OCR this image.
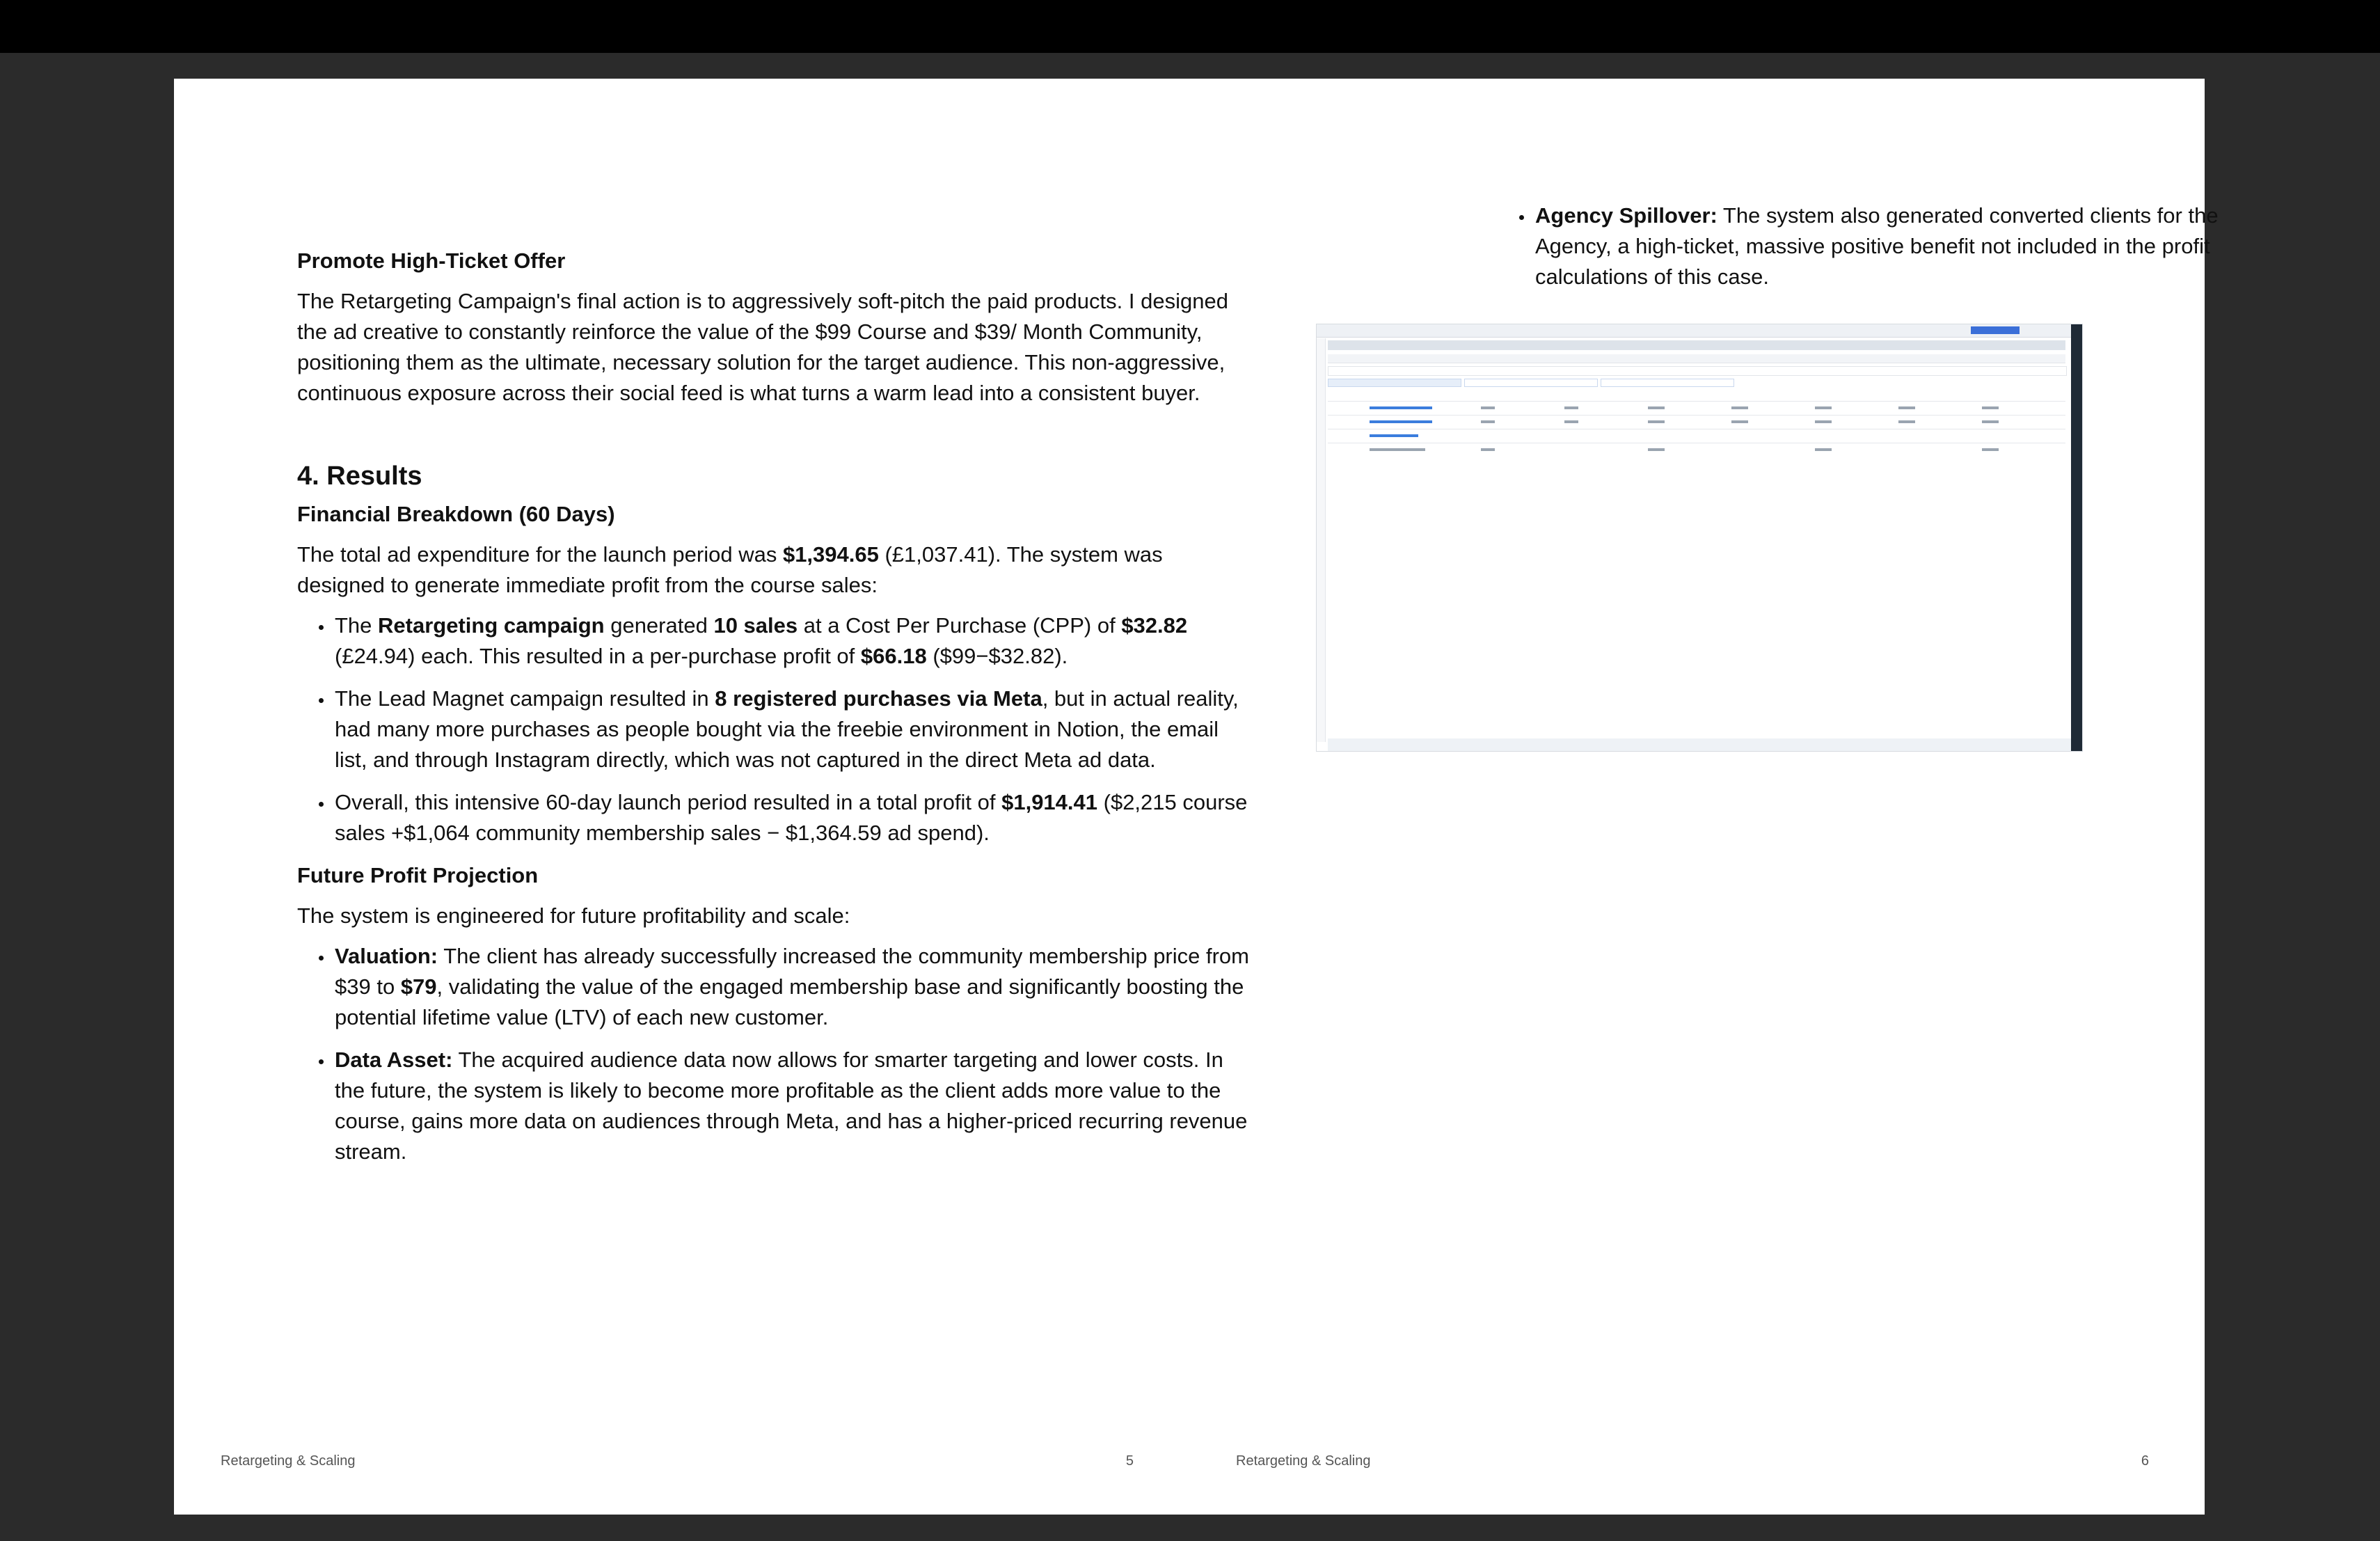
Promote High-Ticket Offer

The Retargeting Campaign's final action is to aggressively soft-pitch the paid products. I designed the ad creative to constantly reinforce the value of the $99 Course and $39/ Month Community, positioning them as the ultimate, necessary solution for the target audience. This non-aggressive, continuous exposure across their social feed is what turns a warm lead into a consistent buyer.

4. Results
Financial Breakdown (60 Days)

The total ad expenditure for the launch period was $1,394.65 (£1,037.41). The system was designed to generate immediate profit from the course sales:

• The Retargeting campaign generated 10 sales at a Cost Per Purchase (CPP) of $32.82 (£24.94) each. This resulted in a per-purchase profit of $66.18 ($99−$32.82).
• The Lead Magnet campaign resulted in 8 registered purchases via Meta, but in actual reality, had many more purchases as people bought via the freebie environment in Notion, the email list, and through Instagram directly, which was not captured in the direct Meta ad data.
• Overall, this intensive 60-day launch period resulted in a total profit of $1,914.41 ($2,215 course sales +$1,064 community membership sales − $1,364.59 ad spend).
Future Profit Projection

The system is engineered for future profitability and scale:

• Valuation: The client has already successfully increased the community membership price from $39 to $79, validating the value of the engaged membership base and significantly boosting the potential lifetime value (LTV) of each new customer.
• Data Asset: The acquired audience data now allows for smarter targeting and lower costs. In the future, the system is likely to become more profitable as the client adds more value to the course, gains more data on audiences through Meta, and has a higher-priced recurring revenue stream.
Retargeting & Scaling	5
• Agency Spillover: The system also generated converted clients for the Agency, a high-ticket, massive positive benefit not included in the profit calculations of this case.
Retargeting & Scaling	6
